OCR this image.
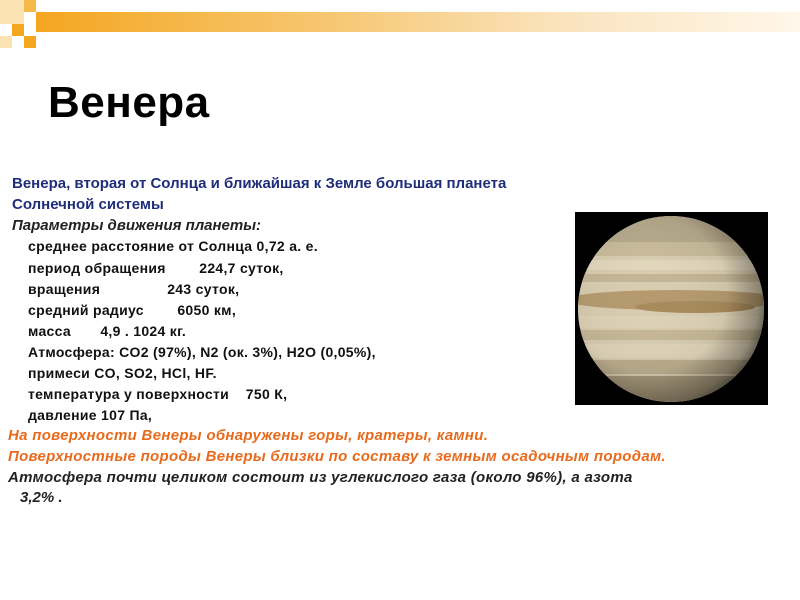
Венера
Венера, вторая от Солнца и ближайшая к Земле большая планета
Солнечной системы
Параметры движения планеты:
среднее расстояние от Солнца 0,72 а. е.
период обращения        224,7 суток,
вращения                243 суток,
средний радиус        6050 км,
масса       4,9 . 1024 кг.
Атмосфера: CO2 (97%), N2 (ок. 3%), H2O (0,05%),
примеси CO, SO2, HCl, HF.
температура у поверхности    750 К,
давление 107 Па,
На поверхности Венеры обнаружены горы, кратеры, камни.
Поверхностные породы Венеры близки по составу к земным осадочным породам.
Атмосфера почти целиком состоит из углекислого газа (около 96%), а азота
3,2% .
